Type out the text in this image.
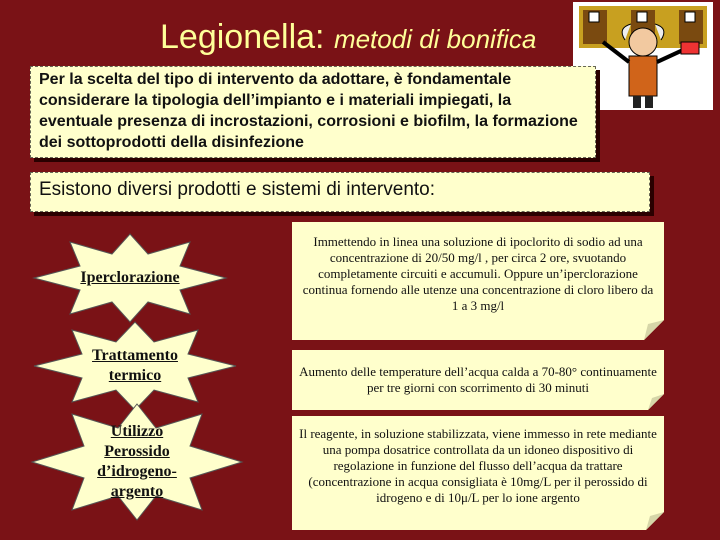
Legionella: metodi di bonifica
Per la scelta del tipo di intervento da adottare, è fondamentale considerare la tipologia dell’impianto e i materiali impiegati, la eventuale presenza di incrostazioni, corrosioni e biofilm, la formazione dei sottoprodotti della disinfezione
Esistono diversi prodotti e sistemi di intervento:
Iperclorazione
Trattamento termico
Utilizzo Perossido d’idrogeno-argento
Immettendo in linea una soluzione di ipoclorito di sodio ad una concentrazione di 20/50 mg/l , per circa 2 ore, svuotando completamente circuiti e accumuli. Oppure un’iperclorazione continua fornendo alle utenze una concentrazione di cloro libero da 1 a 3 mg/l
Aumento delle temperature dell’acqua calda a 70-80° continuamente per tre giorni con scorrimento di 30 minuti
Il reagente, in soluzione stabilizzata, viene immesso in rete mediante una pompa dosatrice controllata da un idoneo dispositivo di regolazione in funzione del flusso dell’acqua da trattare (concentrazione in acqua consigliata è 10mg/L per il perossido di idrogeno e di 10μ/L per lo ione argento
